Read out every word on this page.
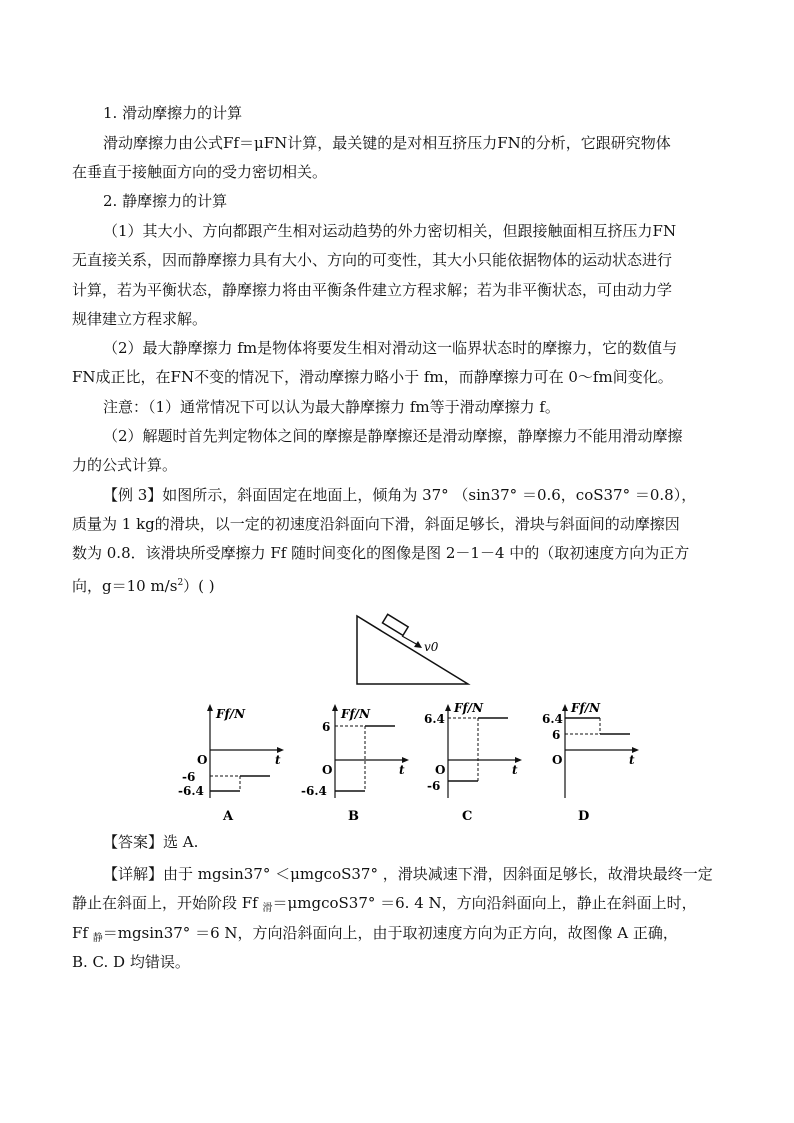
1. 滑动摩擦力的计算
滑动摩擦力由公式Ff＝μFN计算，最关键的是对相互挤压力FN的分析，它跟研究物体
在垂直于接触面方向的受力密切相关。
2. 静摩擦力的计算
（1）其大小、方向都跟产生相对运动趋势的外力密切相关，但跟接触面相互挤压力FN
无直接关系，因而静摩擦力具有大小、方向的可变性，其大小只能依据物体的运动状态进行
计算，若为平衡状态，静摩擦力将由平衡条件建立方程求解；若为非平衡状态，可由动力学
规律建立方程求解。
（2）最大静摩擦力 fm是物体将要发生相对滑动这一临界状态时的摩擦力，它的数值与
FN成正比，在FN不变的情况下，滑动摩擦力略小于 fm，而静摩擦力可在 0～fm间变化。
注意：（1）通常情况下可以认为最大静摩擦力 fm等于滑动摩擦力 f。
（2）解题时首先判定物体之间的摩擦是静摩擦还是滑动摩擦，静摩擦力不能用滑动摩擦
力的公式计算。
【例 3】如图所示，斜面固定在地面上，倾角为 37° （sin37° ＝0.6，coS37° ＝0.8），
质量为 1 kg的滑块，以一定的初速度沿斜面向下滑，斜面足够长，滑块与斜面间的动摩擦因
数为 0.8．该滑块所受摩擦力 Ff 随时间变化的图像是图 2－1－4 中的（取初速度方向为正方
向，g＝10 $m/s^2$）( )
v0
Ff/N
t
O
-6
-6.4
A
Ff/N
t
O
6
-6.4
B
Ff/N
t
O
6.4
-6
C
Ff/N
t
O
6.4
6
D
【答案】选 A.
【详解】由于 mgsin37° ＜μmgcoS37° ，滑块减速下滑，因斜面足够长，故滑块最终一定
静止在斜面上，开始阶段 Ff $_滑$＝μmgcoS37° ＝6. 4 N，方向沿斜面向上，静止在斜面上时，
Ff $_静$＝mgsin37° ＝6 N，方向沿斜面向上，由于取初速度方向为正方向，故图像 A 正确，
B. C. D 均错误。
